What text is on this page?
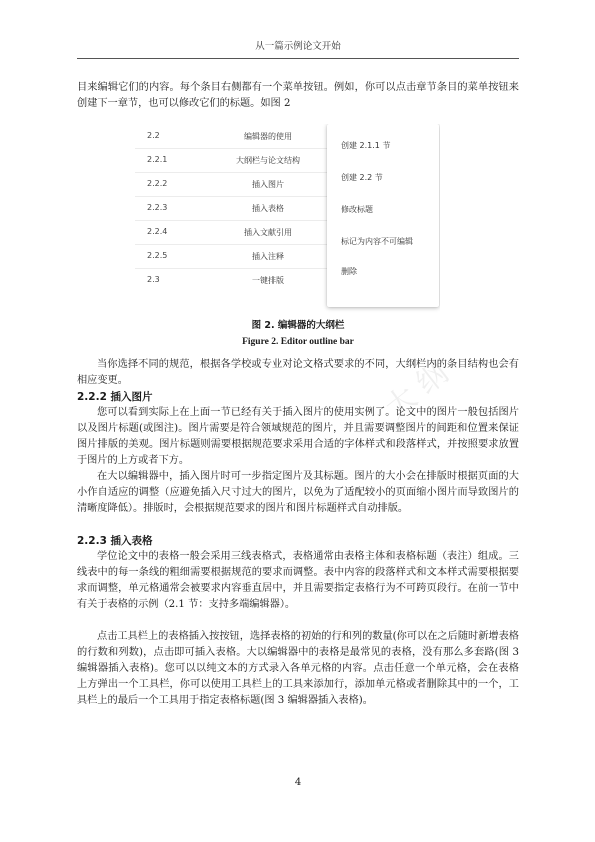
从一篇示例论文开始

目来编辑它们的内容。每个条目右侧都有一个菜单按钮。例如，你可以点击章节条目的菜单按钮来创建下一章节，也可以修改它们的标题。如图 2

2.2	编辑器的使用
2.2.1	大纲栏与论文结构
2.2.2	插入图片
2.2.3	插入表格
2.2.4	插入文献引用
2.2.5	插入注释
2.3	一键排版
创建 2.1.1 节
创建 2.2 节
修改标题
标记为内容不可编辑
删除
图 2. 编辑器的大纲栏
Figure 2. Editor outline bar
大 纲

当你选择不同的规范，根据各学校或专业对论文格式要求的不同，大纲栏内的条目结构也会有相应变更。

2.2.2 插入图片

您可以看到实际上在上面一节已经有关于插入图片的使用实例了。论文中的图片一般包括图片以及图片标题(或图注)。图片需要是符合领域规范的图片，并且需要调整图片的间距和位置来保证图片排版的美观。图片标题则需要根据规范要求采用合适的字体样式和段落样式，并按照要求放置于图片的上方或者下方。

在大以编辑器中，插入图片时可一步指定图片及其标题。图片的大小会在排版时根据页面的大小作自适应的调整（应避免插入尺寸过大的图片，以免为了适配较小的页面缩小图片而导致图片的清晰度降低）。排版时，会根据规范要求的图片和图片标题样式自动排版。

2.2.3 插入表格

学位论文中的表格一般会采用三线表格式，表格通常由表格主体和表格标题（表注）组成。三线表中的每一条线的粗细需要根据规范的要求而调整。表中内容的段落样式和文本样式需要根据要求而调整，单元格通常会被要求内容垂直居中，并且需要指定表格行为不可跨页段行。在前一节中有关于表格的示例（2.1 节：支持多端编辑器）。

点击工具栏上的表格插入按按钮，选择表格的初始的行和列的数量(你可以在之后随时新增表格的行数和列数)，点击即可插入表格。大以编辑器中的表格是最常见的表格，没有那么多套路(图 3 编辑器插入表格)。您可以以纯文本的方式录入各单元格的内容。点击任意一个单元格，会在表格上方弹出一个工具栏，你可以使用工具栏上的工具来添加行，添加单元格或者删除其中的一个，工具栏上的最后一个工具用于指定表格标题(图 3 编辑器插入表格)。

4
